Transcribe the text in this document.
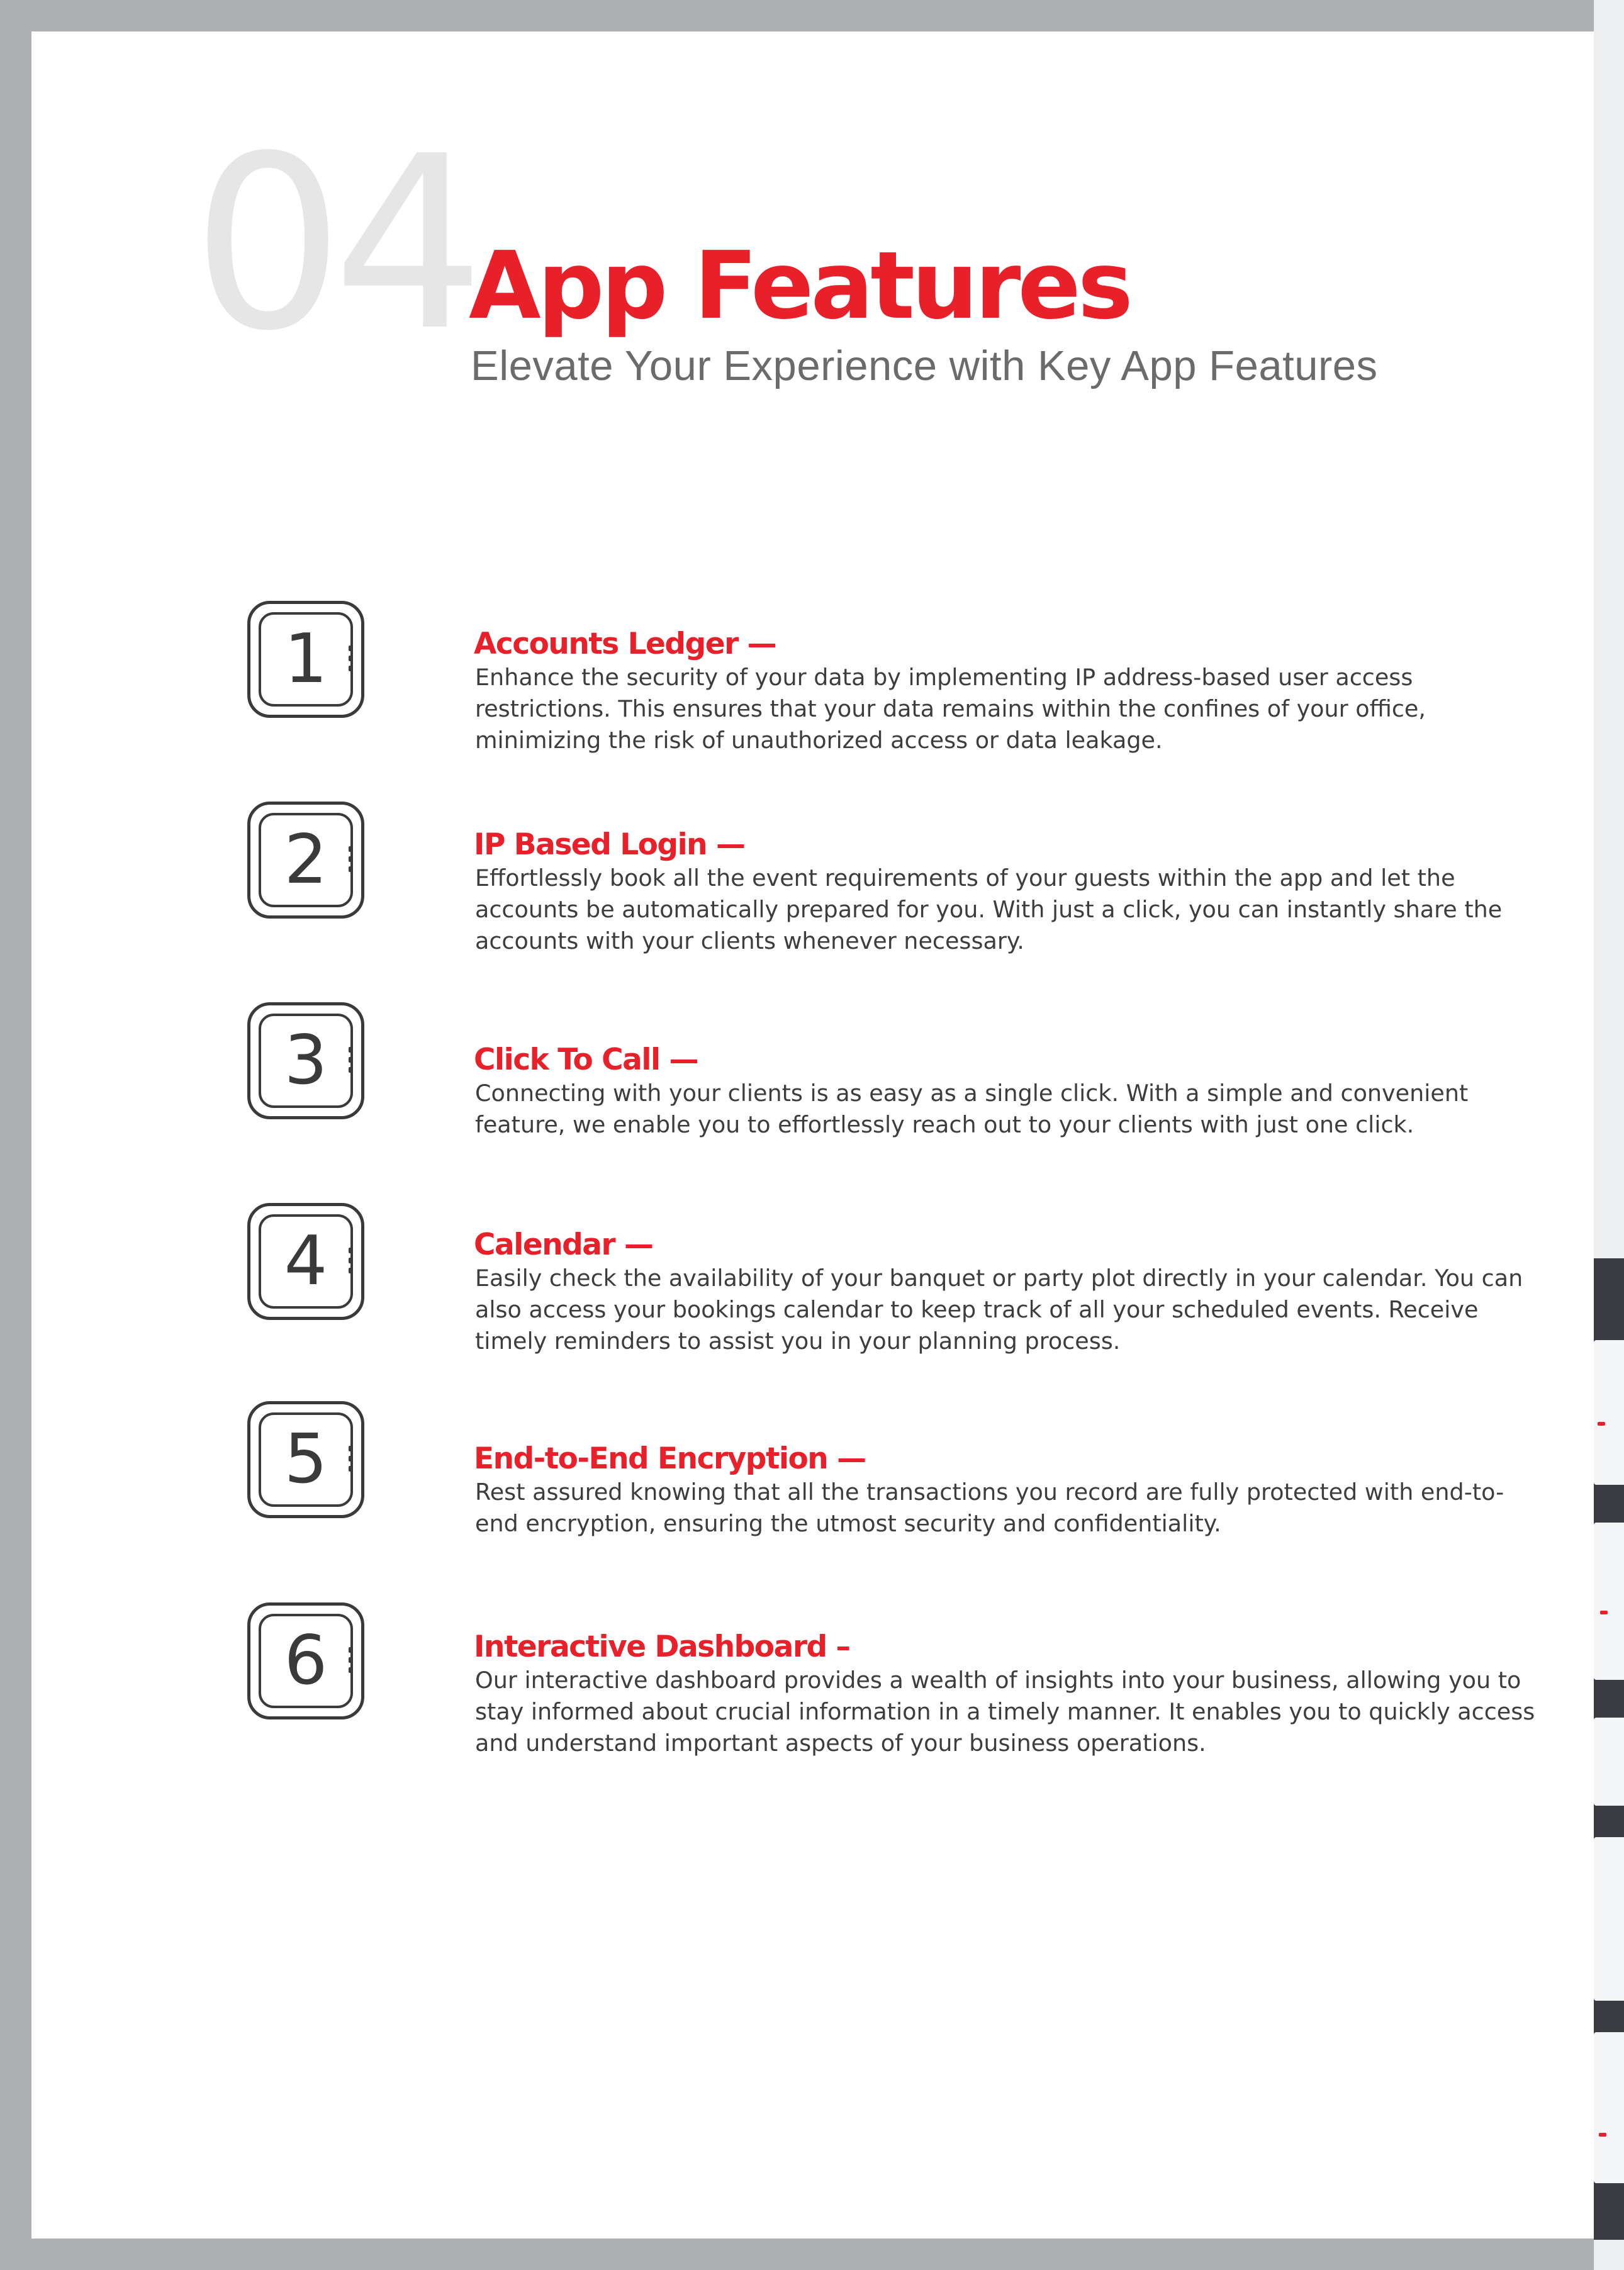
04
App Features
Elevate Your Experience with Key App Features
1	Accounts Ledger —

Enhance the security of your data by implementing IP address-based user access restrictions. This ensures that your data remains within the confines of your office, minimizing the risk of unauthorized access or data leakage.

2	IP Based Login —

Effortlessly book all the event requirements of your guests within the app and let the accounts be automatically prepared for you. With just a click, you can instantly share the accounts with your clients whenever necessary.

3	Click To Call —

Connecting with your clients is as easy as a single click. With a simple and convenient feature, we enable you to effortlessly reach out to your clients with just one click.

4	Calendar —

Easily check the availability of your banquet or party plot directly in your calendar. You can also access your bookings calendar to keep track of all your scheduled events. Receive timely reminders to assist you in your planning process.

5	End-to-End Encryption —

Rest assured knowing that all the transactions you record are fully protected with end-to-end encryption, ensuring the utmost security and confidentiality.

6	Interactive Dashboard –

Our interactive dashboard provides a wealth of insights into your business, allowing you to stay informed about crucial information in a timely manner. It enables you to quickly access and understand important aspects of your business operations.
